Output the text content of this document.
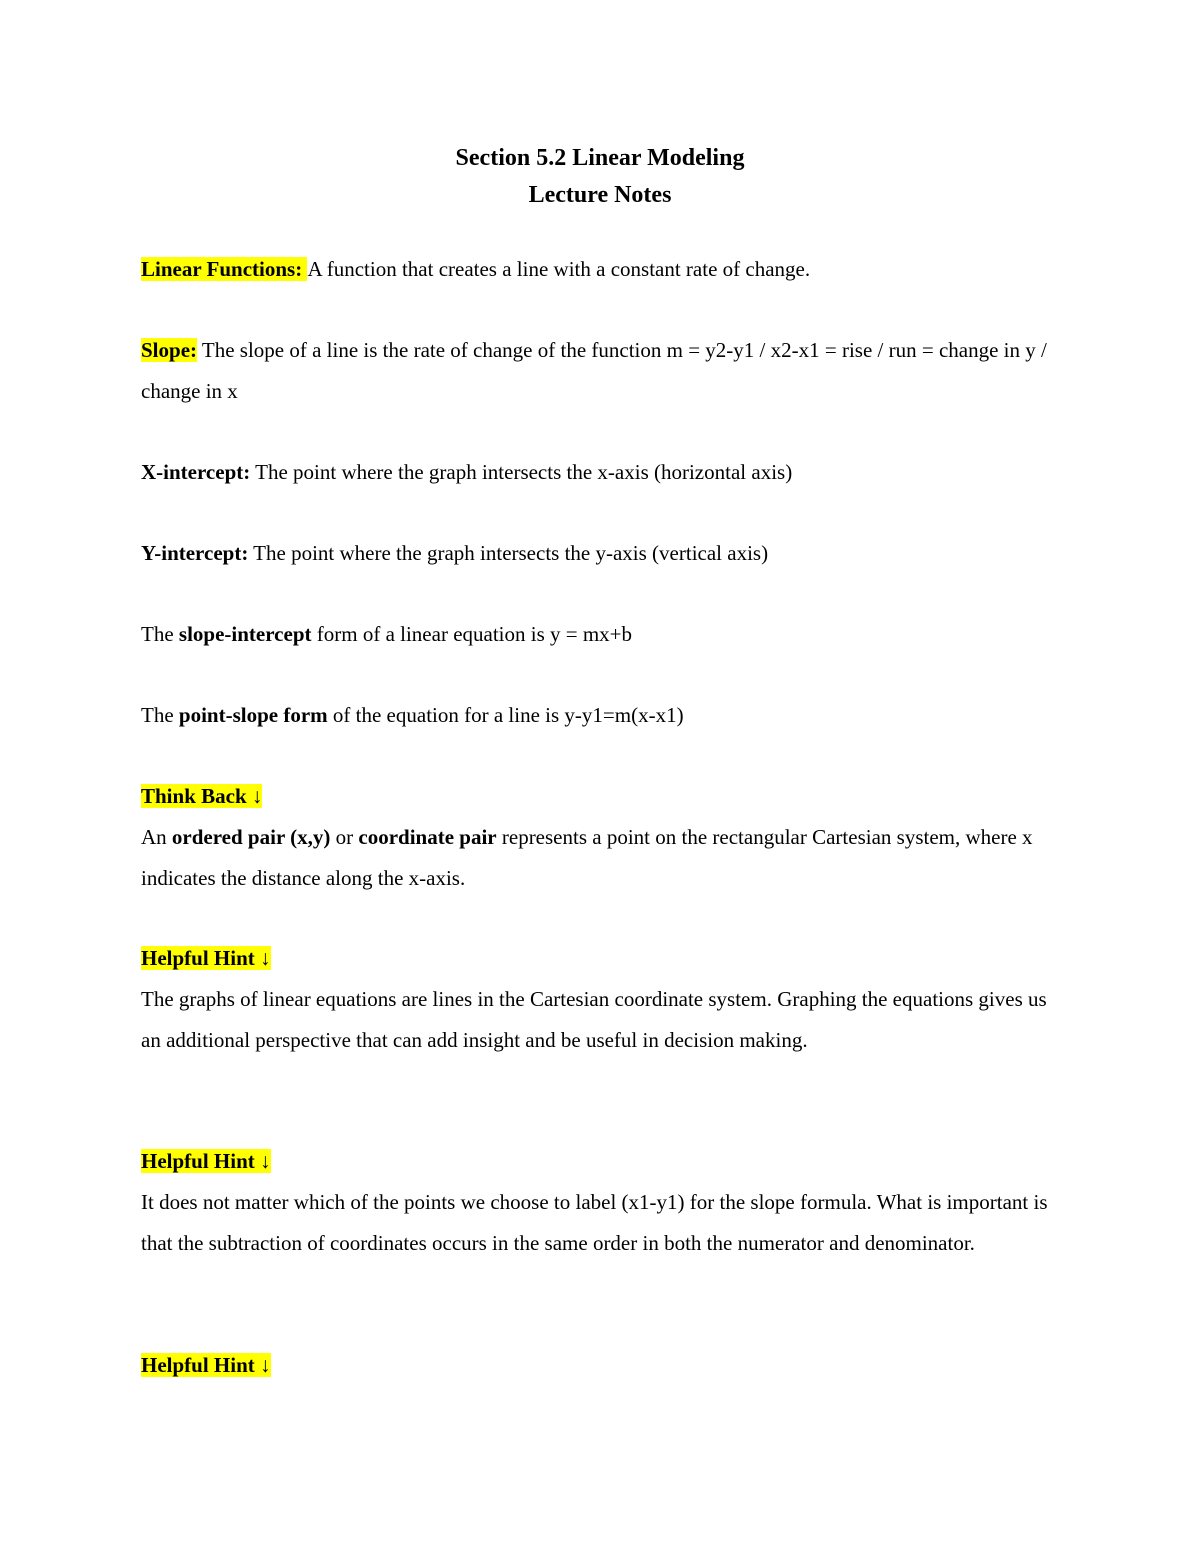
Section 5.2 Linear Modeling
Lecture Notes

Linear Functions: A function that creates a line with a constant rate of change.

Slope: The slope of a line is the rate of change of the function m = y2-y1 / x2-x1 = rise / run = change in y / change in x

X-intercept: The point where the graph intersects the x-axis (horizontal axis)

Y-intercept: The point where the graph intersects the y-axis (vertical axis)

The slope-intercept form of a linear equation is y = mx+b

The point-slope form of the equation for a line is y-y1=m(x-x1)

Think Back ↓

An ordered pair (x,y) or coordinate pair represents a point on the rectangular Cartesian system, where x indicates the distance along the x-axis.

Helpful Hint ↓

The graphs of linear equations are lines in the Cartesian coordinate system. Graphing the equations gives us an additional perspective that can add insight and be useful in decision making.

Helpful Hint ↓

It does not matter which of the points we choose to label (x1-y1) for the slope formula. What is important is that the subtraction of coordinates occurs in the same order in both the numerator and denominator.

Helpful Hint ↓
